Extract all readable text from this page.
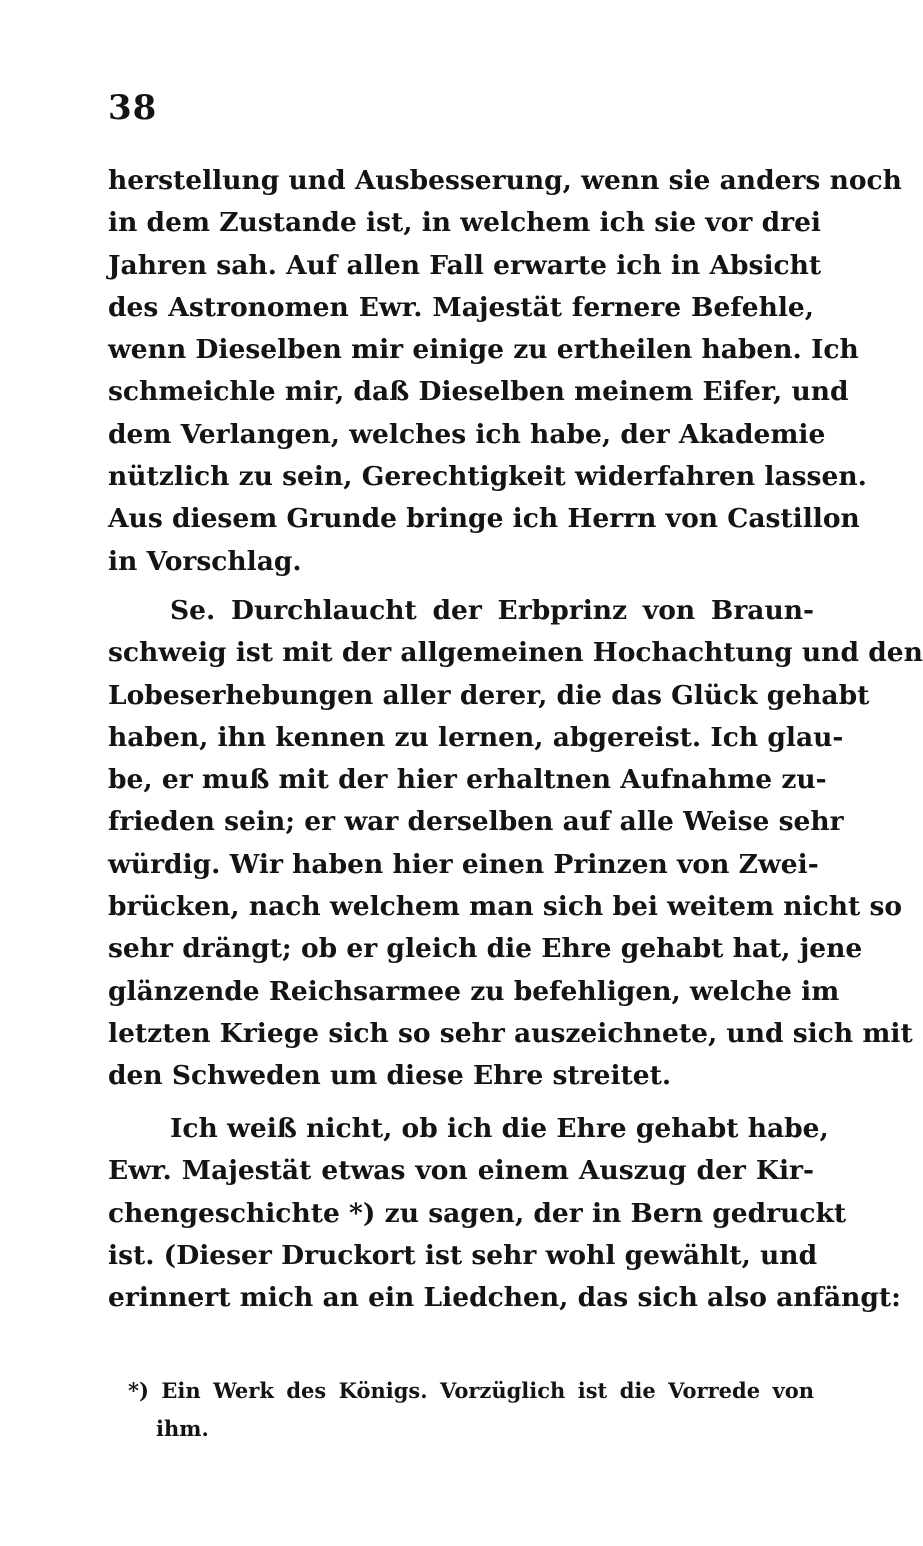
38
herstellung und Ausbesserung, wenn sie anders noch
in dem Zustande ist, in welchem ich sie vor drei
Jahren sah. Auf allen Fall erwarte ich in Absicht
des Astronomen Ewr. Majestät fernere Befehle,
wenn Dieselben mir einige zu ertheilen haben. Ich
schmeichle mir, daß Dieselben meinem Eifer, und
dem Verlangen, welches ich habe, der Akademie
nützlich zu sein, Gerechtigkeit widerfahren lassen.
Aus diesem Grunde bringe ich Herrn von Castillon
in Vorschlag.
Se. Durchlaucht der Erbprinz von Braun-
schweig ist mit der allgemeinen Hochachtung und den
Lobeserhebungen aller derer, die das Glück gehabt
haben, ihn kennen zu lernen, abgereist. Ich glau-
be, er muß mit der hier erhaltnen Aufnahme zu-
frieden sein; er war derselben auf alle Weise sehr
würdig. Wir haben hier einen Prinzen von Zwei-
brücken, nach welchem man sich bei weitem nicht so
sehr drängt; ob er gleich die Ehre gehabt hat, jene
glänzende Reichsarmee zu befehligen, welche im
letzten Kriege sich so sehr auszeichnete, und sich mit
den Schweden um diese Ehre streitet.
Ich weiß nicht, ob ich die Ehre gehabt habe,
Ewr. Majestät etwas von einem Auszug der Kir-
chengeschichte *) zu sagen, der in Bern gedruckt
ist. (Dieser Druckort ist sehr wohl gewählt, und
erinnert mich an ein Liedchen, das sich also anfängt:
*) Ein Werk des Königs. Vorzüglich ist die Vorrede von
ihm.
